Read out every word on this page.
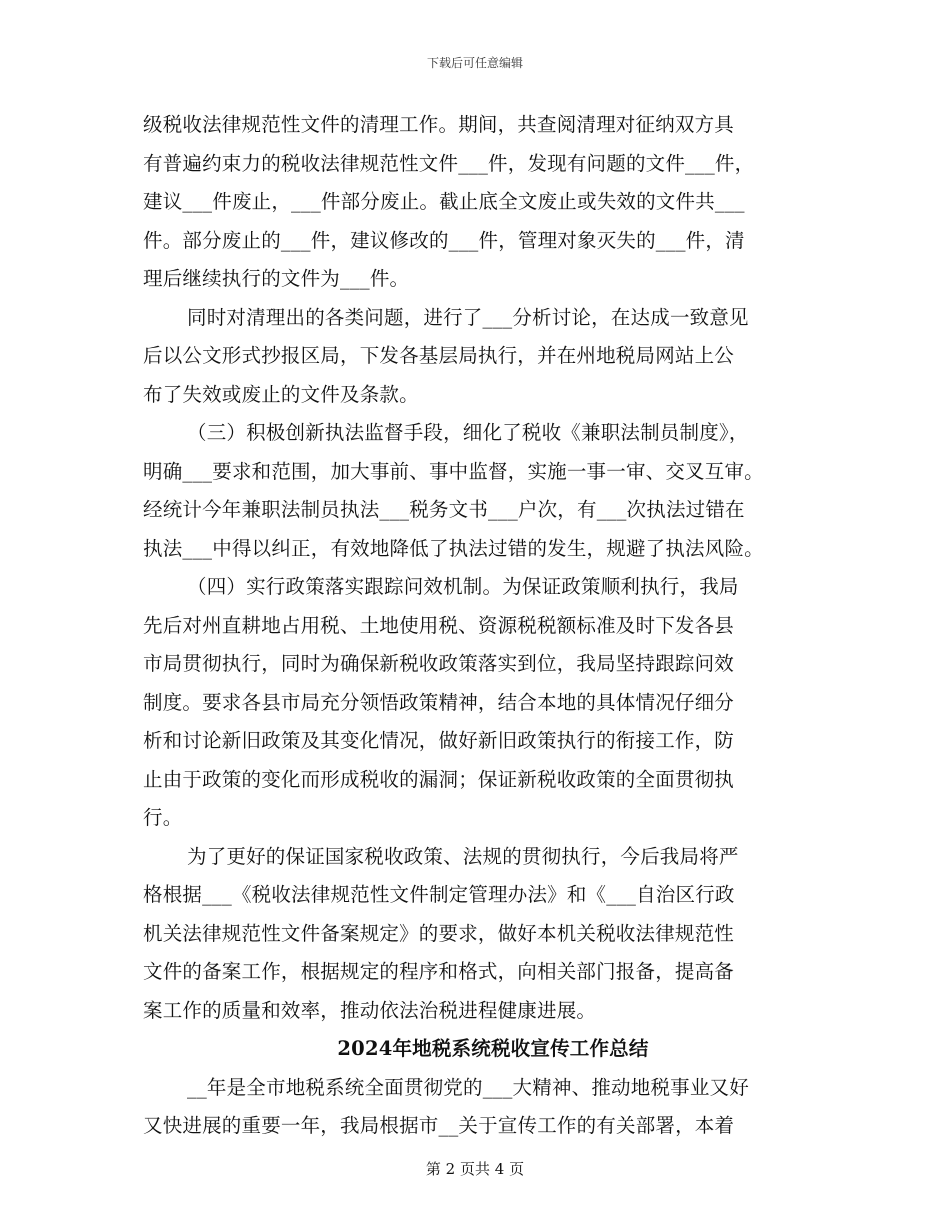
下载后可任意编辑
级税收法律规范性文件的清理工作。期间，共查阅清理对征纳双方具
有普遍约束力的税收法律规范性文件___件，发现有问题的文件___件，
建议___件废止，___件部分废止。截止底全文废止或失效的文件共___
件。部分废止的___件，建议修改的___件，管理对象灭失的___件，清
理后继续执行的文件为___件。
同时对清理出的各类问题，进行了___分析讨论，在达成一致意见
后以公文形式抄报区局，下发各基层局执行，并在州地税局网站上公
布了失效或废止的文件及条款。
（三）积极创新执法监督手段，细化了税收《兼职法制员制度》，
明确___要求和范围，加大事前、事中监督，实施一事一审、交叉互审。
经统计今年兼职法制员执法___税务文书___户次，有___次执法过错在
执法___中得以纠正，有效地降低了执法过错的发生，规避了执法风险。
（四）实行政策落实跟踪问效机制。为保证政策顺利执行，我局
先后对州直耕地占用税、土地使用税、资源税税额标准及时下发各县
市局贯彻执行，同时为确保新税收政策落实到位，我局坚持跟踪问效
制度。要求各县市局充分领悟政策精神，结合本地的具体情况仔细分
析和讨论新旧政策及其变化情况，做好新旧政策执行的衔接工作，防
止由于政策的变化而形成税收的漏洞；保证新税收政策的全面贯彻执
行。
为了更好的保证国家税收政策、法规的贯彻执行，今后我局将严
格根据___《税收法律规范性文件制定管理办法》和《___自治区行政
机关法律规范性文件备案规定》的要求，做好本机关税收法律规范性
文件的备案工作，根据规定的程序和格式，向相关部门报备，提高备
案工作的质量和效率，推动依法治税进程健康进展。
2024年地税系统税收宣传工作总结
__年是全市地税系统全面贯彻党的___大精神、推动地税事业又好
又快进展的重要一年，我局根据市__关于宣传工作的有关部署，本着
第 2 页共 4 页
